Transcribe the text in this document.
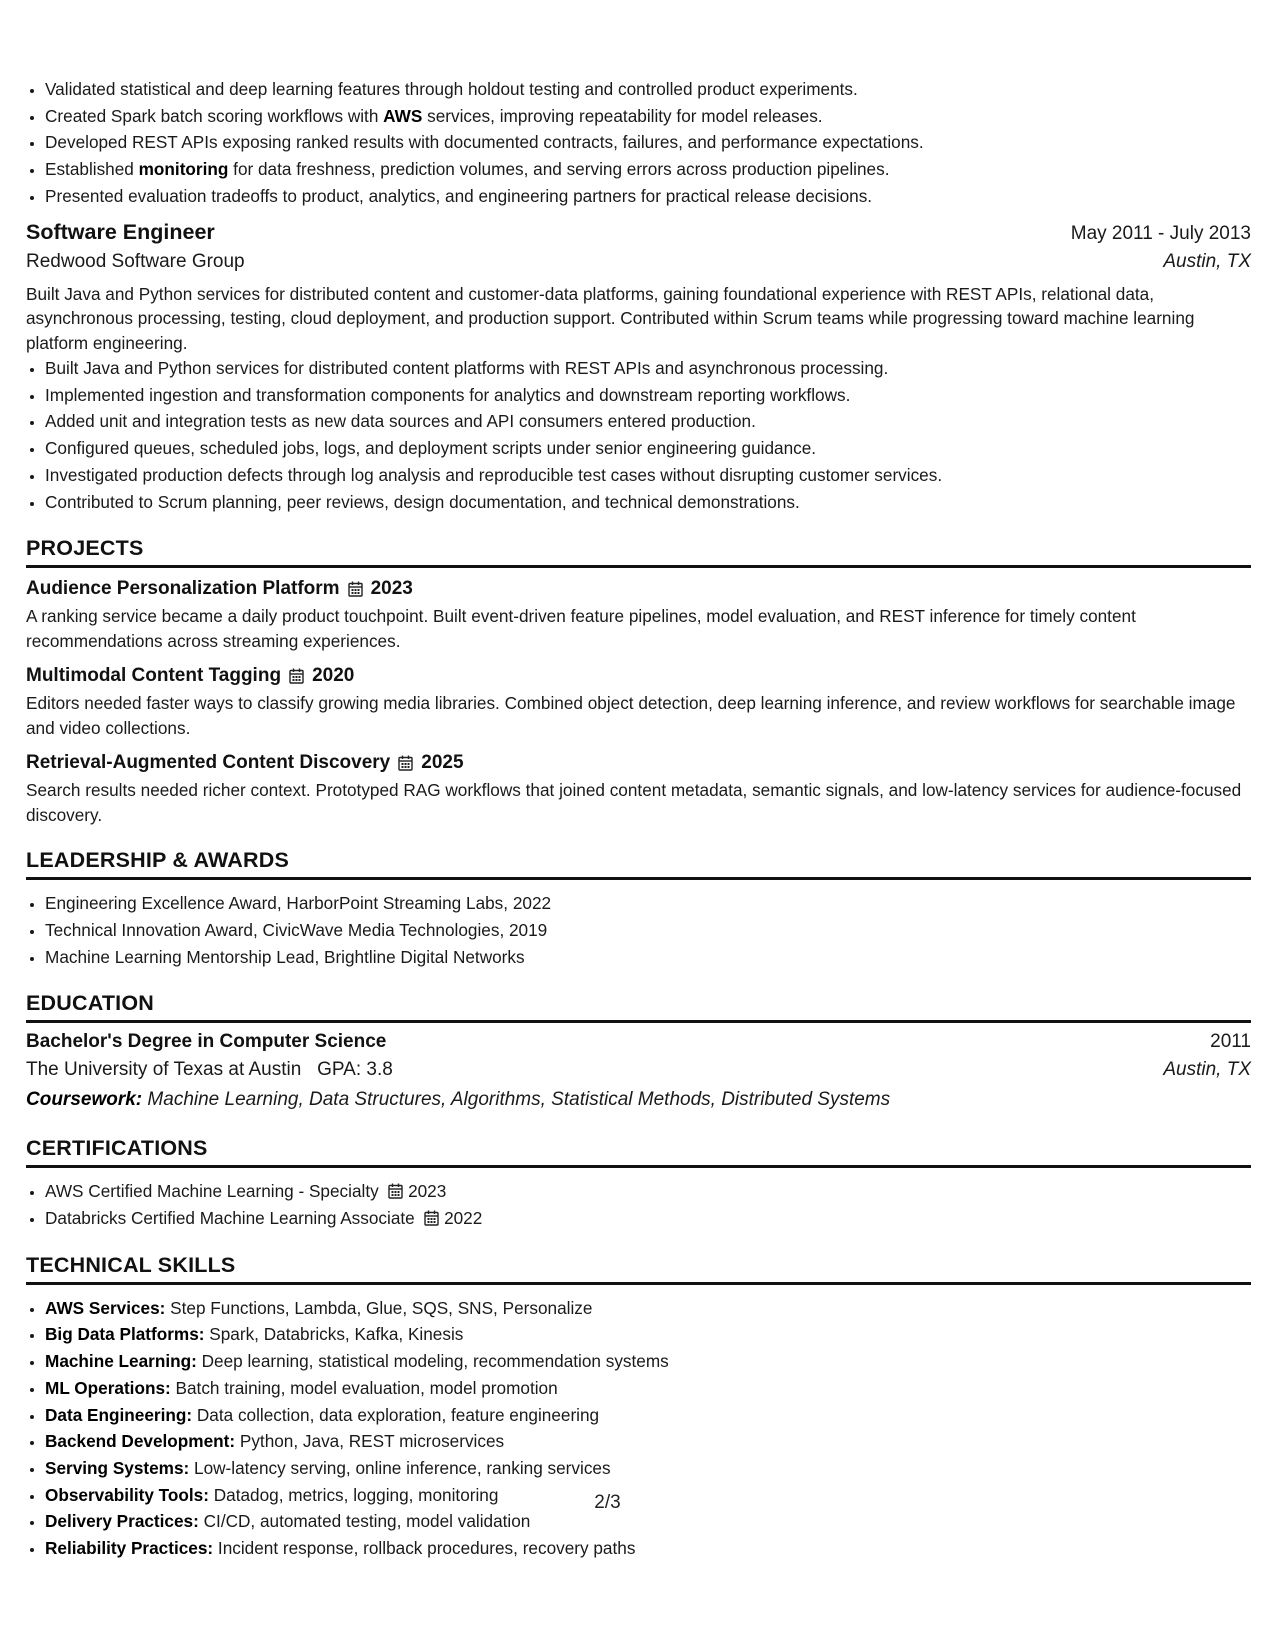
• Validated statistical and deep learning features through holdout testing and controlled product experiments.
• Created Spark batch scoring workflows with AWS services, improving repeatability for model releases.
• Developed REST APIs exposing ranked results with documented contracts, failures, and performance expectations.
• Established monitoring for data freshness, prediction volumes, and serving errors across production pipelines.
• Presented evaluation tradeoffs to product, analytics, and engineering partners for practical release decisions.
Software Engineer	May 2011 - July 2013
Redwood Software Group	Austin, TX
Built Java and Python services for distributed content and customer-data platforms, gaining foundational experience with REST APIs, relational data, asynchronous processing, testing, cloud deployment, and production support. Contributed within Scrum teams while progressing toward machine learning platform engineering.
• Built Java and Python services for distributed content platforms with REST APIs and asynchronous processing.
• Implemented ingestion and transformation components for analytics and downstream reporting workflows.
• Added unit and integration tests as new data sources and API consumers entered production.
• Configured queues, scheduled jobs, logs, and deployment scripts under senior engineering guidance.
• Investigated production defects through log analysis and reproducible test cases without disrupting customer services.
• Contributed to Scrum planning, peer reviews, design documentation, and technical demonstrations.
PROJECTS
Audience Personalization Platform 2023
A ranking service became a daily product touchpoint. Built event-driven feature pipelines, model evaluation, and REST inference for timely content recommendations across streaming experiences.
Multimodal Content Tagging 2020
Editors needed faster ways to classify growing media libraries. Combined object detection, deep learning inference, and review workflows for searchable image and video collections.
Retrieval-Augmented Content Discovery 2025
Search results needed richer context. Prototyped RAG workflows that joined content metadata, semantic signals, and low-latency services for audience-focused discovery.
LEADERSHIP & AWARDS
• Engineering Excellence Award, HarborPoint Streaming Labs, 2022
• Technical Innovation Award, CivicWave Media Technologies, 2019
• Machine Learning Mentorship Lead, Brightline Digital Networks
EDUCATION
Bachelor's Degree in Computer Science	2011
The University of Texas at Austin GPA: 3.8	Austin, TX
Coursework: Machine Learning, Data Structures, Algorithms, Statistical Methods, Distributed Systems
CERTIFICATIONS
• AWS Certified Machine Learning - Specialty 2023
• Databricks Certified Machine Learning Associate 2022
TECHNICAL SKILLS
• AWS Services: Step Functions, Lambda, Glue, SQS, SNS, Personalize
• Big Data Platforms: Spark, Databricks, Kafka, Kinesis
• Machine Learning: Deep learning, statistical modeling, recommendation systems
• ML Operations: Batch training, model evaluation, model promotion
• Data Engineering: Data collection, data exploration, feature engineering
• Backend Development: Python, Java, REST microservices
• Serving Systems: Low-latency serving, online inference, ranking services
• Observability Tools: Datadog, metrics, logging, monitoring
• Delivery Practices: CI/CD, automated testing, model validation
• Reliability Practices: Incident response, rollback procedures, recovery paths
2/3
